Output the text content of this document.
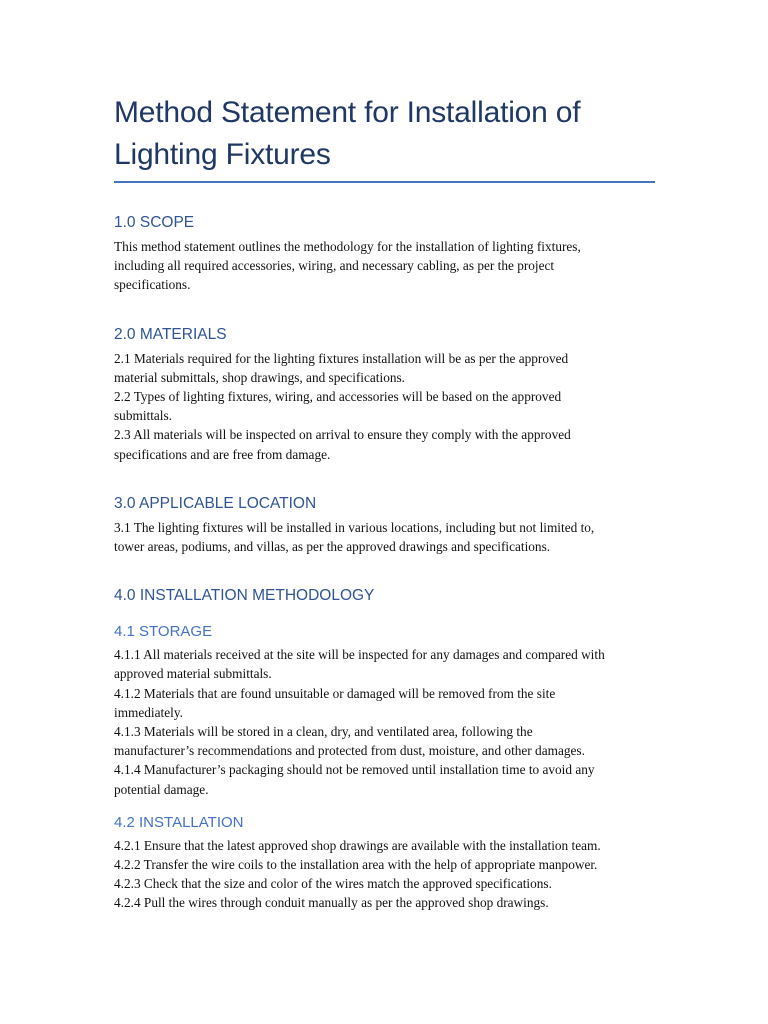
Method Statement for Installation of
Lighting Fixtures
1.0 SCOPE

This method statement outlines the methodology for the installation of lighting fixtures,
including all required accessories, wiring, and necessary cabling, as per the project
specifications.

2.0 MATERIALS

2.1 Materials required for the lighting fixtures installation will be as per the approved
material submittals, shop drawings, and specifications.
2.2 Types of lighting fixtures, wiring, and accessories will be based on the approved
submittals.
2.3 All materials will be inspected on arrival to ensure they comply with the approved
specifications and are free from damage.

3.0 APPLICABLE LOCATION

3.1 The lighting fixtures will be installed in various locations, including but not limited to,
tower areas, podiums, and villas, as per the approved drawings and specifications.

4.0 INSTALLATION METHODOLOGY
4.1 STORAGE

4.1.1 All materials received at the site will be inspected for any damages and compared with
approved material submittals.
4.1.2 Materials that are found unsuitable or damaged will be removed from the site
immediately.
4.1.3 Materials will be stored in a clean, dry, and ventilated area, following the
manufacturer’s recommendations and protected from dust, moisture, and other damages.
4.1.4 Manufacturer’s packaging should not be removed until installation time to avoid any
potential damage.

4.2 INSTALLATION

4.2.1 Ensure that the latest approved shop drawings are available with the installation team.
4.2.2 Transfer the wire coils to the installation area with the help of appropriate manpower.
4.2.3 Check that the size and color of the wires match the approved specifications.
4.2.4 Pull the wires through conduit manually as per the approved shop drawings.
